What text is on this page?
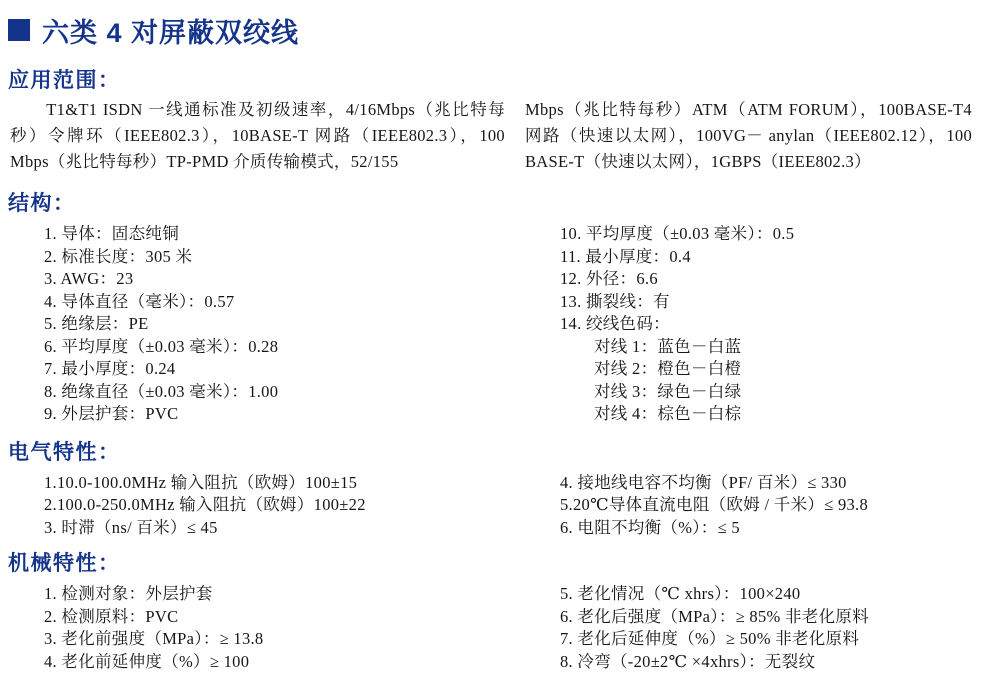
六类 4 对屏蔽双绞线
应用范围：
T1&T1 ISDN 一线通标准及初级速率，4/16Mbps（兆比特每秒）令牌环（IEEE802.3），10BASE-T 网路（IEEE802.3），100 Mbps（兆比特每秒）TP-PMD 介质传输模式，52/155
Mbps（兆比特每秒）ATM（ATM FORUM），100BASE-T4 网路（快速以太网），100VG－ anylan（IEEE802.12），100 BASE-T（快速以太网），1GBPS（IEEE802.3）
结构：
1. 导体：固态纯铜
2. 标准长度：305 米
3. AWG：23
4. 导体直径（毫米）：0.57
5. 绝缘层：PE
6. 平均厚度（±0.03 毫米）：0.28
7. 最小厚度：0.24
8. 绝缘直径（±0.03 毫米）：1.00
9. 外层护套：PVC
10. 平均厚度（±0.03 毫米）：0.5
11. 最小厚度：0.4
12. 外径：6.6
13. 撕裂线：有
14. 绞线色码：
对线 1：蓝色－白蓝
对线 2：橙色－白橙
对线 3：绿色－白绿
对线 4：棕色－白棕
电气特性：
1.10.0-100.0MHz 输入阻抗（欧姆）100±15
2.100.0-250.0MHz 输入阻抗（欧姆）100±22
3. 时滞（ns/ 百米）≤ 45
4. 接地线电容不均衡（PF/ 百米）≤ 330
5.20℃导体直流电阻（欧姆 / 千米）≤ 93.8
6. 电阻不均衡（%）：≤ 5
机械特性：
1. 检测对象：外层护套
2. 检测原料：PVC
3. 老化前强度（MPa）：≥ 13.8
4. 老化前延伸度（%）≥ 100
5. 老化情况（℃ xhrs）：100×240
6. 老化后强度（MPa）：≥ 85% 非老化原料
7. 老化后延伸度（%）≥ 50% 非老化原料
8. 冷弯（-20±2℃ ×4xhrs）：无裂纹
